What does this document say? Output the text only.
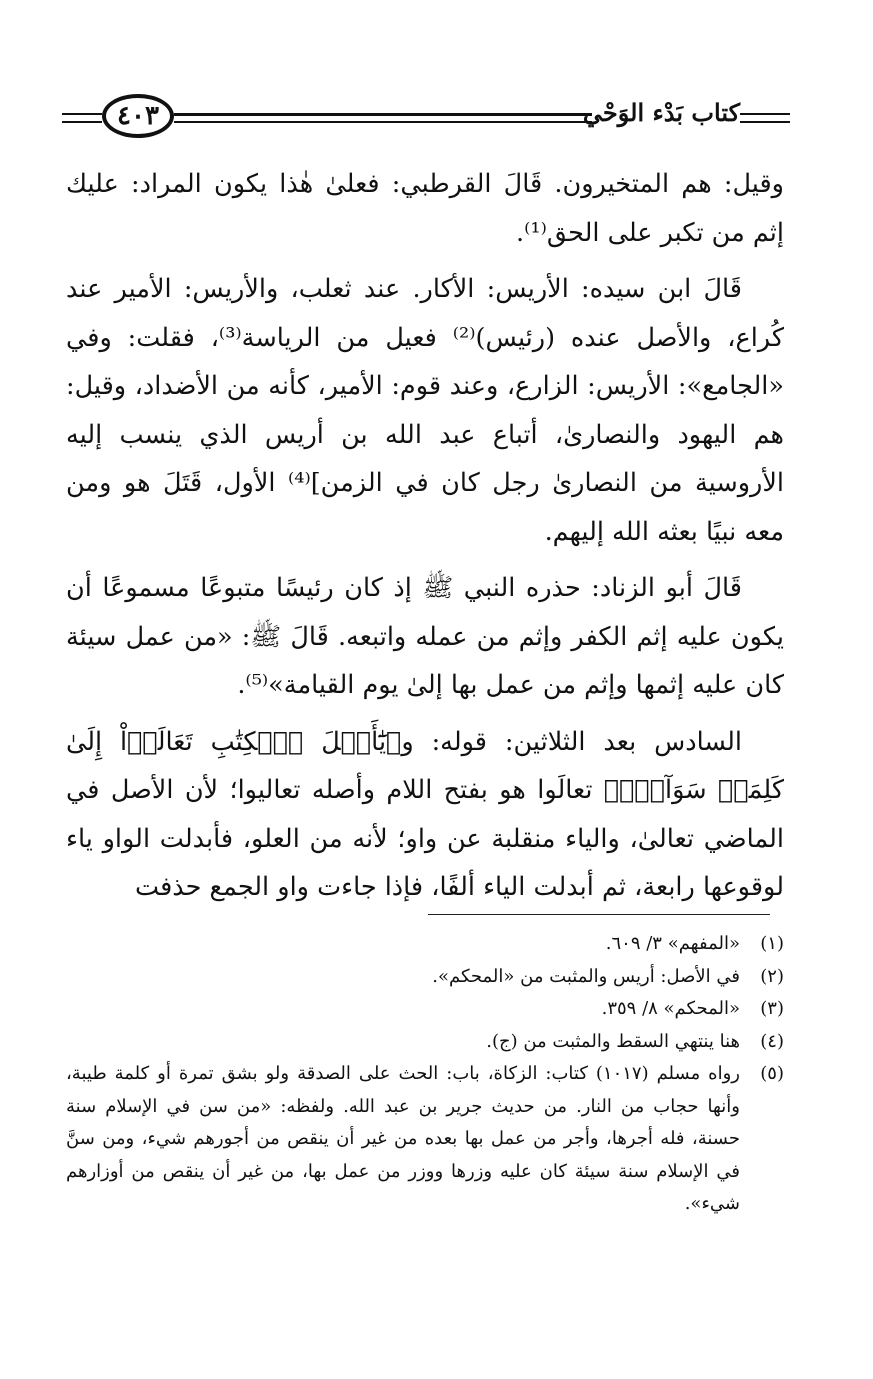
٤٠٣	كتاب بَدْء الوَحْي

وقيل: هم المتخيرون. قَالَ القرطبي: فعلىٰ هٰذا يكون المراد: عليك إثم من تكبر على الحق⁽¹⁾.

قَالَ ابن سيده: الأريس: الأكار. عند ثعلب، والأريس: الأمير عند كُراع، والأصل عنده (رئيس)⁽²⁾ فعيل من الرياسة⁽³⁾، فقلت: وفي «الجامع»: الأريس: الزارع، وعند قوم: الأمير، كأنه من الأضداد، وقيل: هم اليهود والنصارىٰ، أتباع عبد الله بن أريس الذي ينسب إليه الأروسية من النصارىٰ رجل كان في الزمن]⁽⁴⁾ الأول، قَتَلَ هو ومن معه نبيًا بعثه الله إليهم.

قَالَ أبو الزناد: حذره النبي ﷺ إذ كان رئيسًا متبوعًا مسموعًا أن يكون عليه إثم الكفر وإثم من عمله واتبعه. قَالَ ﷺ: «من عمل سيئة كان عليه إثمها وإثم من عمل بها إلىٰ يوم القيامة»⁽⁵⁾.

السادس بعد الثلاثين: قوله: و﴿يَٰٓأَهۡلَ ٱلۡكِتَٰبِ تَعَالَوۡاْ إِلَىٰ كَلِمَةٖ سَوَآءِۭ﴾ تعالَوا هو بفتح اللام وأصله تعاليوا؛ لأن الأصل في الماضي تعالىٰ، والياء منقلبة عن واو؛ لأنه من العلو، فأبدلت الواو ياء لوقوعها رابعة، ثم أبدلت الياء ألفًا، فإذا جاءت واو الجمع حذفت

(١)
«المفهم» ٣/ ٦٠٩.
(٢)
في الأصل: أريس والمثبت من «المحكم».
(٣)
«المحكم» ٨/ ٣٥٩.
(٤)
هنا ينتهي السقط والمثبت من (ج).
(٥)
رواه مسلم (١٠١٧) كتاب: الزكاة، باب: الحث على الصدقة ولو بشق تمرة أو كلمة طيبة، وأنها حجاب من النار. من حديث جرير بن عبد الله. ولفظه: «من سن في الإسلام سنة حسنة، فله أجرها، وأجر من عمل بها بعده من غير أن ينقص من أجورهم شيء، ومن سنَّ في الإسلام سنة سيئة كان عليه وزرها ووزر من عمل بها، من غير أن ينقص من أوزارهم شيء».
